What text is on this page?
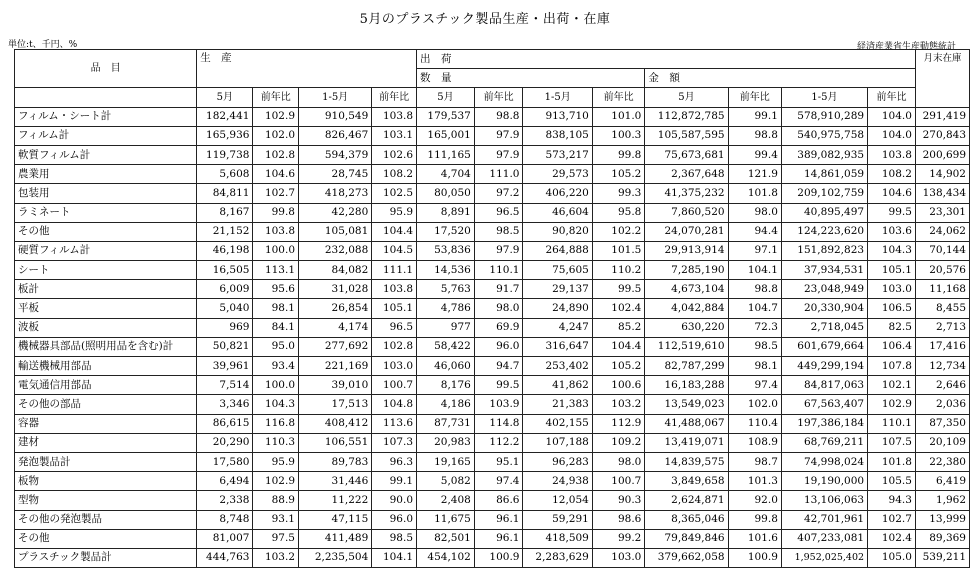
5月のプラスチック製品生産・出荷・在庫
単位:t、千円、%	経済産業省生産動態統計
品　目	生　産				出　荷								月末在庫
					数　量				金　額				
	5月	前年比	1-5月	前年比	5月	前年比	1-5月	前年比	5月	前年比	1-5月	前年比	
フィルム・シート計	182,441	102.9	910,549	103.8	179,537	98.8	913,710	101.0	112,872,785	99.1	578,910,289	104.0	291,419
フィルム計	165,936	102.0	826,467	103.1	165,001	97.9	838,105	100.3	105,587,595	98.8	540,975,758	104.0	270,843
軟質フィルム計	119,738	102.8	594,379	102.6	111,165	97.9	573,217	99.8	75,673,681	99.4	389,082,935	103.8	200,699
農業用	5,608	104.6	28,745	108.2	4,704	111.0	29,573	105.2	2,367,648	121.9	14,861,059	108.2	14,902
包装用	84,811	102.7	418,273	102.5	80,050	97.2	406,220	99.3	41,375,232	101.8	209,102,759	104.6	138,434
ラミネート	8,167	99.8	42,280	95.9	8,891	96.5	46,604	95.8	7,860,520	98.0	40,895,497	99.5	23,301
その他	21,152	103.8	105,081	104.4	17,520	98.5	90,820	102.2	24,070,281	94.4	124,223,620	103.6	24,062
硬質フィルム計	46,198	100.0	232,088	104.5	53,836	97.9	264,888	101.5	29,913,914	97.1	151,892,823	104.3	70,144
シート	16,505	113.1	84,082	111.1	14,536	110.1	75,605	110.2	7,285,190	104.1	37,934,531	105.1	20,576
板計	6,009	95.6	31,028	103.8	5,763	91.7	29,137	99.5	4,673,104	98.8	23,048,949	103.0	11,168
平板	5,040	98.1	26,854	105.1	4,786	98.0	24,890	102.4	4,042,884	104.7	20,330,904	106.5	8,455
波板	969	84.1	4,174	96.5	977	69.9	4,247	85.2	630,220	72.3	2,718,045	82.5	2,713
機械器具部品(照明用品を含む)計	50,821	95.0	277,692	102.8	58,422	96.0	316,647	104.4	112,519,610	98.5	601,679,664	106.4	17,416
輸送機械用部品	39,961	93.4	221,169	103.0	46,060	94.7	253,402	105.2	82,787,299	98.1	449,299,194	107.8	12,734
電気通信用部品	7,514	100.0	39,010	100.7	8,176	99.5	41,862	100.6	16,183,288	97.4	84,817,063	102.1	2,646
その他の部品	3,346	104.3	17,513	104.8	4,186	103.9	21,383	103.2	13,549,023	102.0	67,563,407	102.9	2,036
容器	86,615	116.8	408,412	113.6	87,731	114.8	402,155	112.9	41,488,067	110.4	197,386,184	110.1	87,350
建材	20,290	110.3	106,551	107.3	20,983	112.2	107,188	109.2	13,419,071	108.9	68,769,211	107.5	20,109
発泡製品計	17,580	95.9	89,783	96.3	19,165	95.1	96,283	98.0	14,839,575	98.7	74,998,024	101.8	22,380
板物	6,494	102.9	31,446	99.1	5,082	97.4	24,938	100.7	3,849,658	101.3	19,190,000	105.5	6,419
型物	2,338	88.9	11,222	90.0	2,408	86.6	12,054	90.3	2,624,871	92.0	13,106,063	94.3	1,962
その他の発泡製品	8,748	93.1	47,115	96.0	11,675	96.1	59,291	98.6	8,365,046	99.8	42,701,961	102.7	13,999
その他	81,007	97.5	411,489	98.5	82,501	96.1	418,509	99.2	79,849,846	101.6	407,233,081	102.4	89,369
プラスチック製品計	444,763	103.2	2,235,504	104.1	454,102	100.9	2,283,629	103.0	379,662,058	100.9	1,952,025,402	105.0	539,211
